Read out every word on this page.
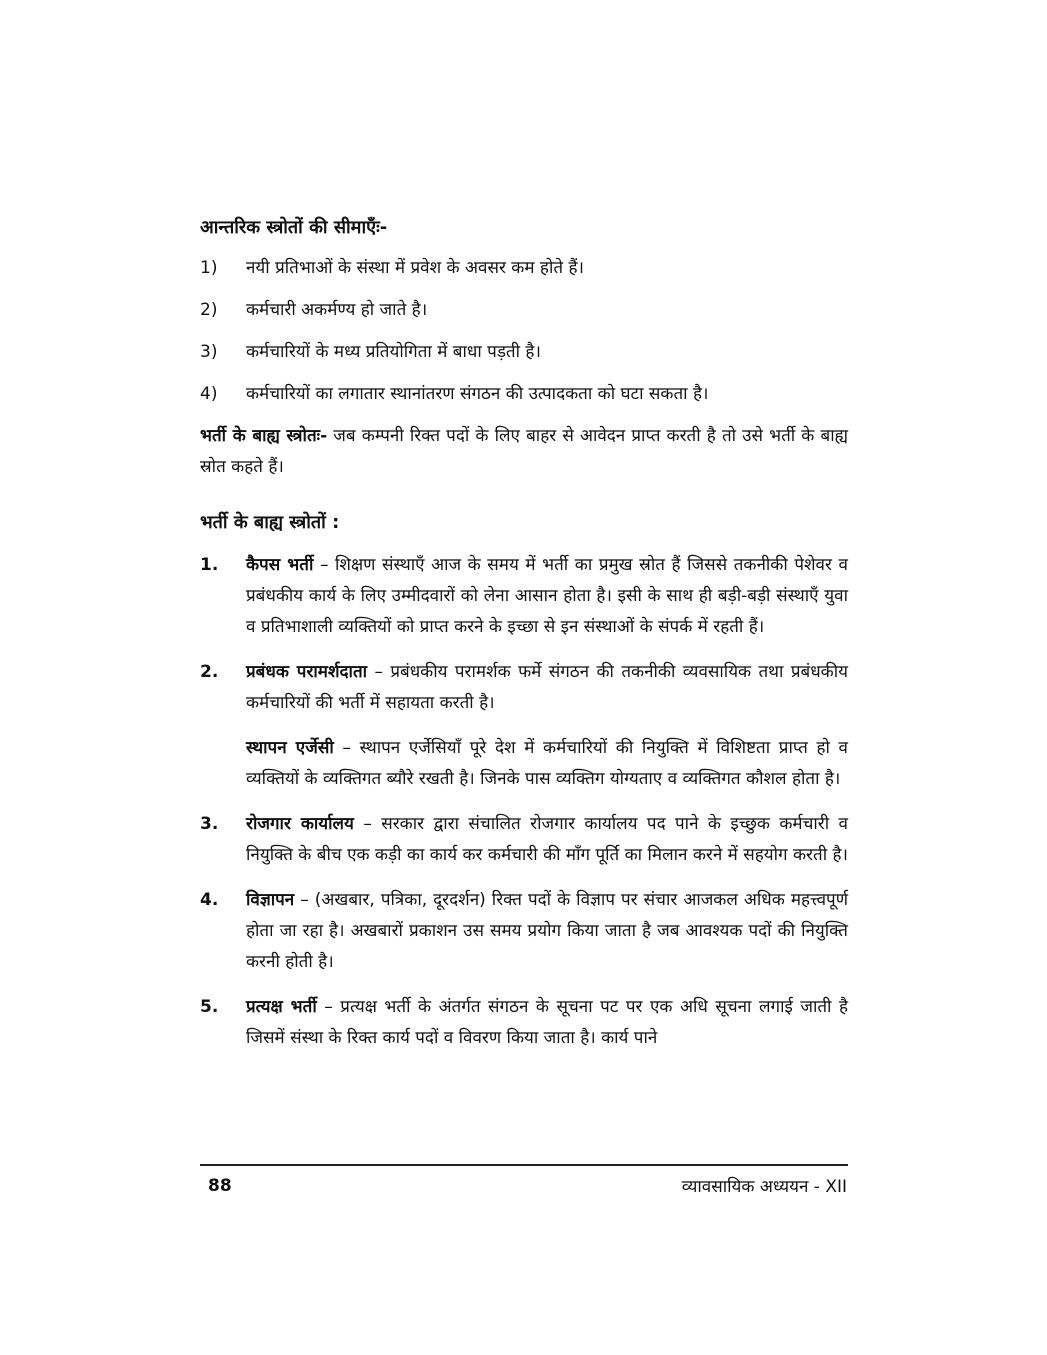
आन्तरिक स्त्रोतों की सीमाएँः-
1)	नयी प्रतिभाओं के संस्था में प्रवेश के अवसर कम होते हैं।
2)	कर्मचारी अकर्मण्य हो जाते है।
3)	कर्मचारियों के मध्य प्रतियोगिता में बाधा पड़ती है।
4)	कर्मचारियों का लगातार स्थानांतरण संगठन की उत्पादकता को घटा सकता है।

भर्ती के बाह्य स्त्रोतः- जब कम्पनी रिक्त पदों के लिए बाहर से आवेदन प्राप्त करती है तो उसे भर्ती के बाह्य स्रोत कहते हैं।

भर्ती के बाह्य स्त्रोतों :
1.	कैपस भर्ती – शिक्षण संस्थाएँ आज के समय में भर्ती का प्रमुख स्रोत हैं जिससे तकनीकी पेशेवर व प्रबंधकीय कार्य के लिए उम्मीदवारों को लेना आसान होता है। इसी के साथ ही बड़ी-बड़ी संस्थाएँ युवा व प्रतिभाशाली व्यक्तियों को प्राप्त करने के इच्छा से इन संस्थाओं के संपर्क में रहती हैं।
2.	प्रबंधक परामर्शदाता – प्रबंधकीय परामर्शक फर्मे संगठन की तकनीकी व्यवसायिक तथा प्रबंधकीय कर्मचारियों की भर्ती में सहायता करती है।

स्थापन एर्जेसी – स्थापन एर्जेसियाँ पूरे देश में कर्मचारियों की नियुक्ति में विशिष्टता प्राप्त हो व व्यक्तियों के व्यक्तिगत ब्यौरे रखती है। जिनके पास व्यक्तिग योग्यताए व व्यक्तिगत कौशल होता है।

3.	रोजगार कार्यालय – सरकार द्वारा संचालित रोजगार कार्यालय पद पाने के इच्छुक कर्मचारी व नियुक्ति के बीच एक कड़ी का कार्य कर कर्मचारी की माँग पूर्ति का मिलान करने में सहयोग करती है।
4.	विज्ञापन – (अखबार, पत्रिका, दूरदर्शन) रिक्त पदों के विज्ञाप पर संचार आजकल अधिक महत्त्वपूर्ण होता जा रहा है। अखबारों प्रकाशन उस समय प्रयोग किया जाता है जब आवश्यक पदों की नियुक्ति करनी होती है।
5.	प्रत्यक्ष भर्ती – प्रत्यक्ष भर्ती के अंतर्गत संगठन के सूचना पट पर एक अधि सूचना लगाई जाती है जिसमें संस्था के रिक्त कार्य पदों व विवरण किया जाता है। कार्य पाने
88	व्यावसायिक अध्ययन - XII
